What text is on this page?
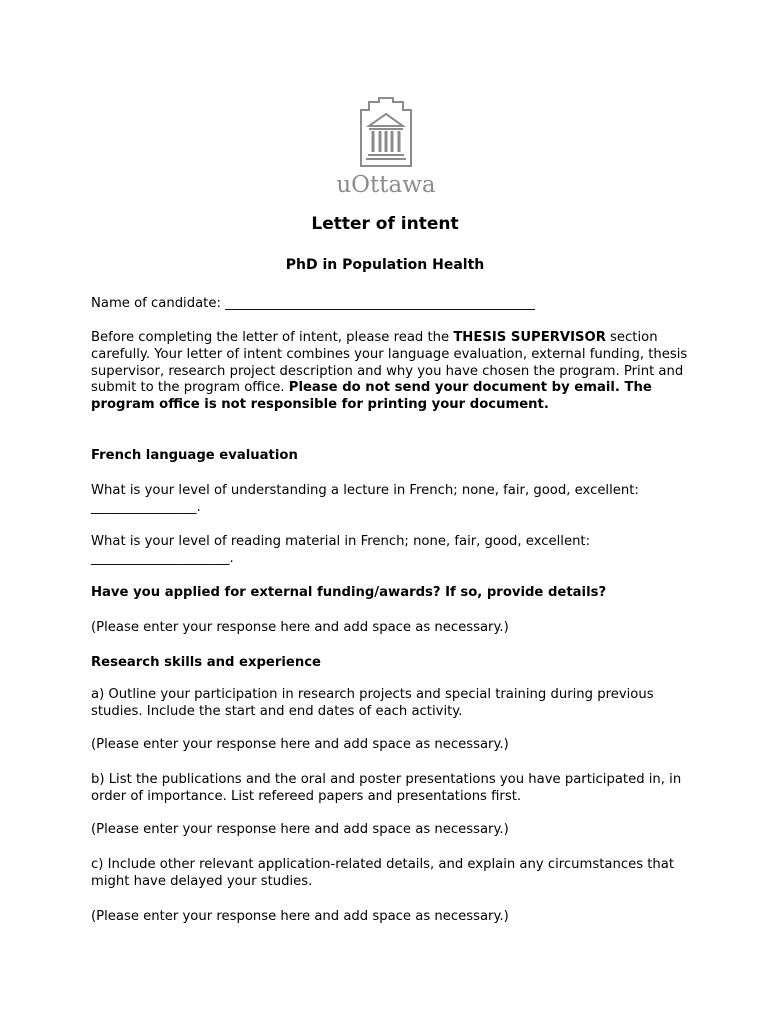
uOttawa
Letter of intent
PhD in Population Health
Name of candidate: _______________________________________________
Before completing the letter of intent, please read the THESIS SUPERVISOR section carefully. Your letter of intent combines your language evaluation, external funding, thesis supervisor, research project description and why you have chosen the program. Print and submit to the program office. Please do not send your document by email. The program office is not responsible for printing your document.
French language evaluation
What is your level of understanding a lecture in French; none, fair, good, excellent: ________________.
What is your level of reading material in French; none, fair, good, excellent: _____________________.
Have you applied for external funding/awards? If so, provide details?
(Please enter your response here and add space as necessary.)
Research skills and experience
a) Outline your participation in research projects and special training during previous studies. Include the start and end dates of each activity.
(Please enter your response here and add space as necessary.)
b) List the publications and the oral and poster presentations you have participated in, in order of importance. List refereed papers and presentations first.
(Please enter your response here and add space as necessary.)
c) Include other relevant application-related details, and explain any circumstances that might have delayed your studies.
(Please enter your response here and add space as necessary.)
